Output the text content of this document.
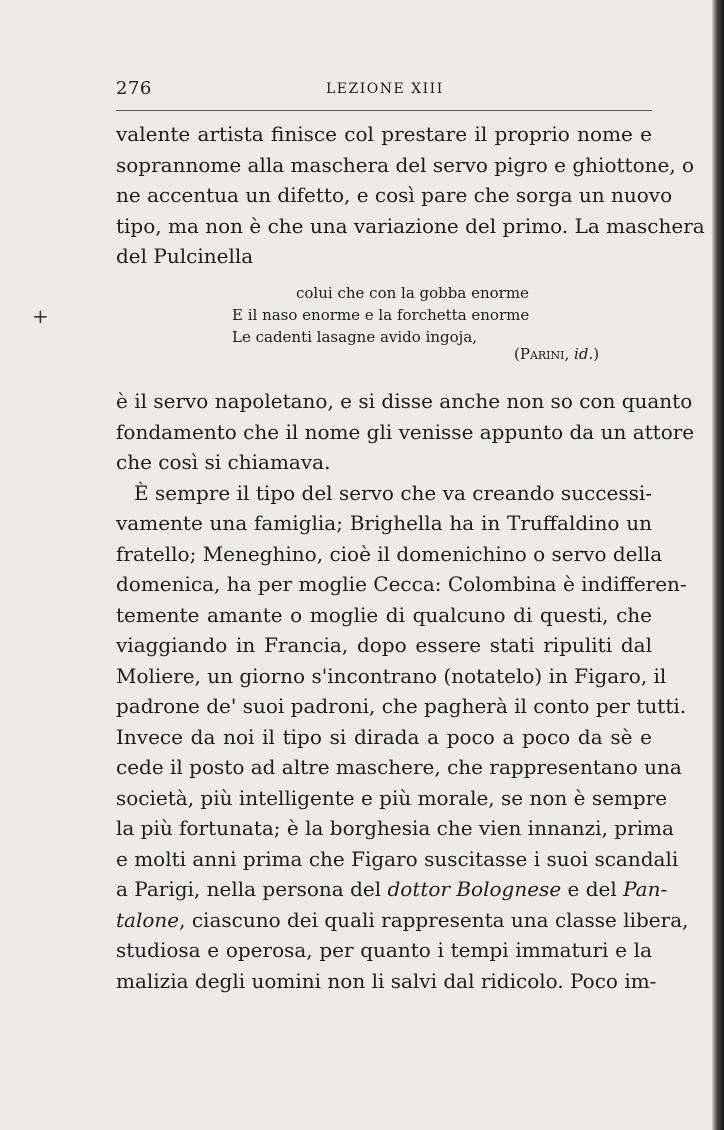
276	LEZIONE XIII
+
valente artista finisce col prestare il proprio nome e
soprannome alla maschera del servo pigro e ghiottone, o
ne accentua un difetto, e così pare che sorga un nuovo
tipo, ma non è che una variazione del primo. La maschera
del Pulcinella
colui che con la gobba enorme
E il naso enorme e la forchetta enorme
Le cadenti lasagne avido ingoja,
(Parini, id.)
è il servo napoletano, e si disse anche non so con quanto
fondamento che il nome gli venisse appunto da un attore
che così si chiamava.
È sempre il tipo del servo che va creando successi-
vamente una famiglia; Brighella ha in Truffaldino un
fratello; Meneghino, cioè il domenichino o servo della
domenica, ha per moglie Cecca: Colombina è indifferen-
temente amante o moglie di qualcuno di questi, che
viaggiando in Francia, dopo essere stati ripuliti dal
Moliere, un giorno s'incontrano (notatelo) in Figaro, il
padrone de' suoi padroni, che pagherà il conto per tutti.
Invece da noi il tipo si dirada a poco a poco da sè e
cede il posto ad altre maschere, che rappresentano una
società, più intelligente e più morale, se non è sempre
la più fortunata; è la borghesia che vien innanzi, prima
e molti anni prima che Figaro suscitasse i suoi scandali
a Parigi, nella persona del dottor Bolognese e del Pan-
talone, ciascuno dei quali rappresenta una classe libera,
studiosa e operosa, per quanto i tempi immaturi e la
malizia degli uomini non li salvi dal ridicolo. Poco im-
